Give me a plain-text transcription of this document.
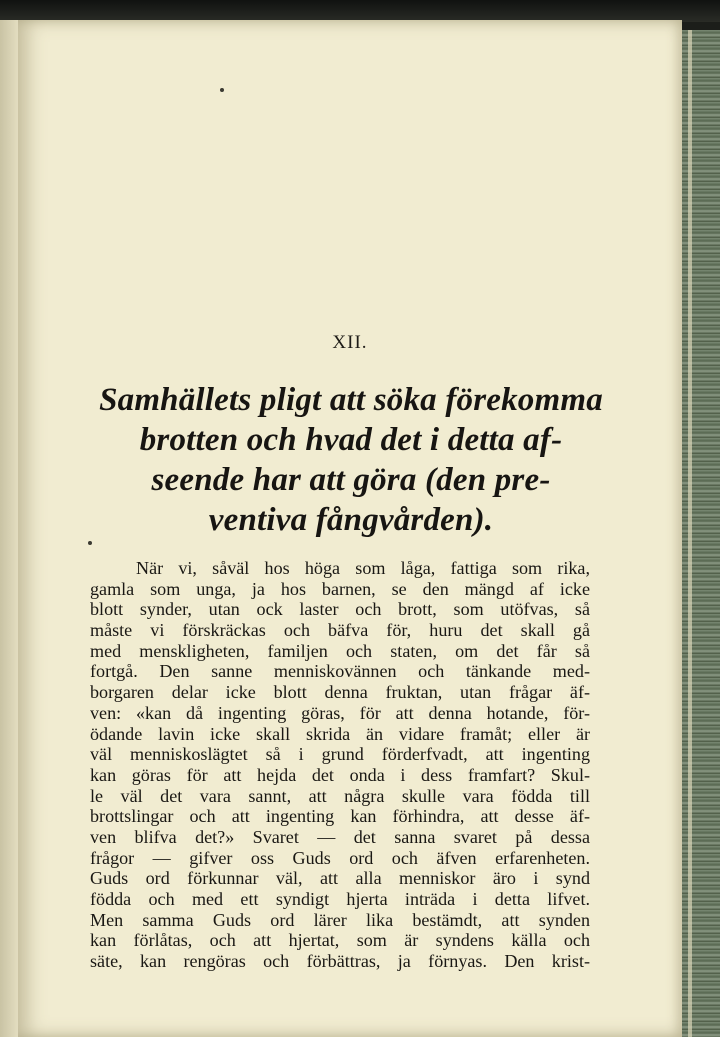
XII.
Samhällets pligt att söka förekomma
brotten och hvad det i detta af-
seende har att göra (den pre-
ventiva fångvården).
När vi, såväl hos höga som låga, fattiga som rika,
gamla som unga, ja hos barnen, se den mängd af icke
blott synder, utan ock laster och brott, som utöfvas, så
måste vi förskräckas och bäfva för, huru det skall gå
med menskligheten, familjen och staten, om det får så
fortgå. Den sanne menniskovännen och tänkande med-
borgaren delar icke blott denna fruktan, utan frågar äf-
ven: «kan då ingenting göras, för att denna hotande, för-
ödande lavin icke skall skrida än vidare framåt; eller är
väl menniskoslägtet så i grund förderfvadt, att ingenting
kan göras för att hejda det onda i dess framfart? Skul-
le väl det vara sannt, att några skulle vara födda till
brottslingar och att ingenting kan förhindra, att desse äf-
ven blifva det?» Svaret — det sanna svaret på dessa
frågor — gifver oss Guds ord och äfven erfarenheten.
Guds ord förkunnar väl, att alla menniskor äro i synd
födda och med ett syndigt hjerta inträda i detta lifvet.
Men samma Guds ord lärer lika bestämdt, att synden
kan förlåtas, och att hjertat, som är syndens källa och
säte, kan rengöras och förbättras, ja förnyas. Den krist-
